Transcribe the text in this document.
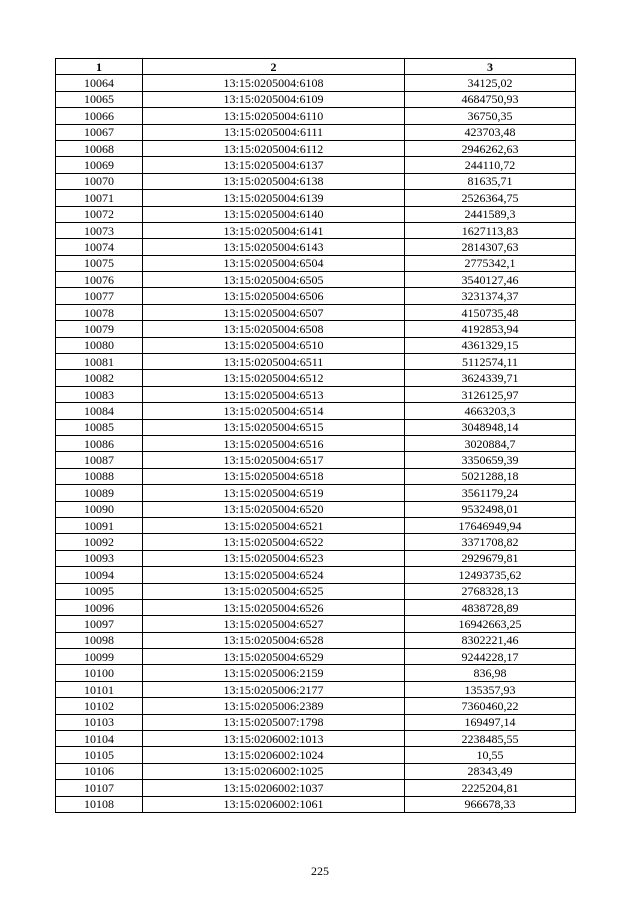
1	2	3
10064	13:15:0205004:6108	34125,02
10065	13:15:0205004:6109	4684750,93
10066	13:15:0205004:6110	36750,35
10067	13:15:0205004:6111	423703,48
10068	13:15:0205004:6112	2946262,63
10069	13:15:0205004:6137	244110,72
10070	13:15:0205004:6138	81635,71
10071	13:15:0205004:6139	2526364,75
10072	13:15:0205004:6140	2441589,3
10073	13:15:0205004:6141	1627113,83
10074	13:15:0205004:6143	2814307,63
10075	13:15:0205004:6504	2775342,1
10076	13:15:0205004:6505	3540127,46
10077	13:15:0205004:6506	3231374,37
10078	13:15:0205004:6507	4150735,48
10079	13:15:0205004:6508	4192853,94
10080	13:15:0205004:6510	4361329,15
10081	13:15:0205004:6511	5112574,11
10082	13:15:0205004:6512	3624339,71
10083	13:15:0205004:6513	3126125,97
10084	13:15:0205004:6514	4663203,3
10085	13:15:0205004:6515	3048948,14
10086	13:15:0205004:6516	3020884,7
10087	13:15:0205004:6517	3350659,39
10088	13:15:0205004:6518	5021288,18
10089	13:15:0205004:6519	3561179,24
10090	13:15:0205004:6520	9532498,01
10091	13:15:0205004:6521	17646949,94
10092	13:15:0205004:6522	3371708,82
10093	13:15:0205004:6523	2929679,81
10094	13:15:0205004:6524	12493735,62
10095	13:15:0205004:6525	2768328,13
10096	13:15:0205004:6526	4838728,89
10097	13:15:0205004:6527	16942663,25
10098	13:15:0205004:6528	8302221,46
10099	13:15:0205004:6529	9244228,17
10100	13:15:0205006:2159	836,98
10101	13:15:0205006:2177	135357,93
10102	13:15:0205006:2389	7360460,22
10103	13:15:0205007:1798	169497,14
10104	13:15:0206002:1013	2238485,55
10105	13:15:0206002:1024	10,55
10106	13:15:0206002:1025	28343,49
10107	13:15:0206002:1037	2225204,81
10108	13:15:0206002:1061	966678,33
225
